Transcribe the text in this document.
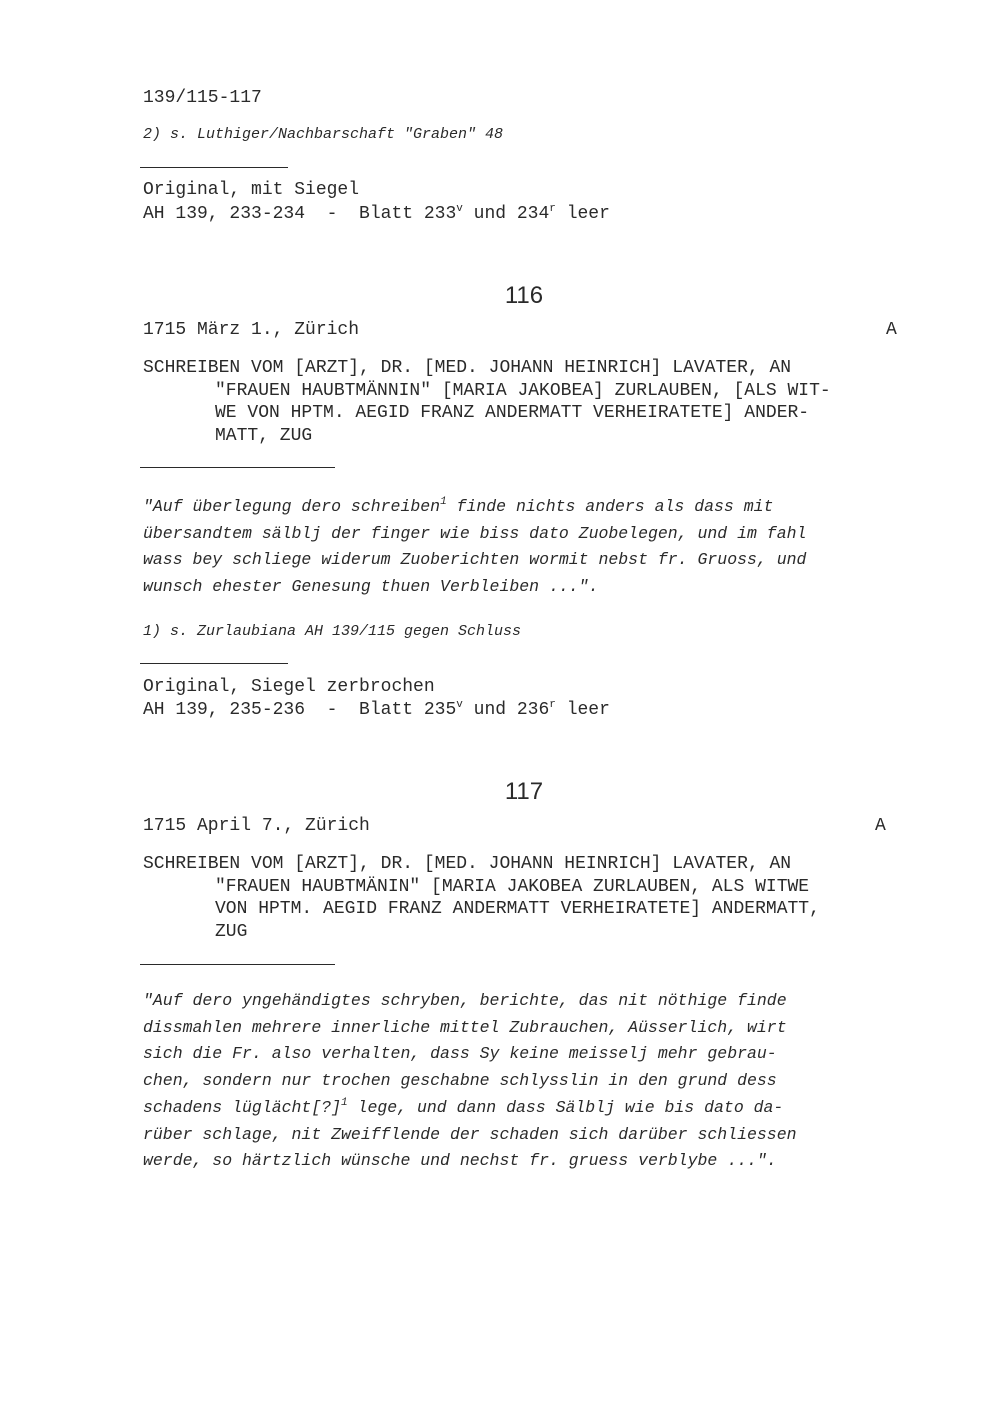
139/115-117
2) s. Luthiger/Nachbarschaft "Graben" 48
Original, mit Siegel
AH 139, 233-234  -  Blatt 233$^v$ und 234$^r$ leer
116
1715 März 1., Zürich	A
SCHREIBEN VOM [ARZT], DR. [MED. JOHANN HEINRICH] LAVATER, AN
"FRAUEN HAUBTMÄNNIN" [MARIA JAKOBEA] ZURLAUBEN, [ALS WIT-
WE VON HPTM. AEGID FRANZ ANDERMATT VERHEIRATETE] ANDER-
MATT, ZUG
"Auf überlegung dero schreiben$^1$ finde nichts anders als dass mit
übersandtem sälblj der finger wie biss dato Zuobelegen, und im fahl
wass bey schliege widerum Zuoberichten wormit nebst fr. Gruoss, und
wunsch ehester Genesung thuen Verbleiben ...".
1) s. Zurlaubiana AH 139/115 gegen Schluss
Original, Siegel zerbrochen
AH 139, 235-236  -  Blatt 235$^v$ und 236$^r$ leer
117
1715 April 7., Zürich	A
SCHREIBEN VOM [ARZT], DR. [MED. JOHANN HEINRICH] LAVATER, AN
"FRAUEN HAUBTMÄNIN" [MARIA JAKOBEA ZURLAUBEN, ALS WITWE
VON HPTM. AEGID FRANZ ANDERMATT VERHEIRATETE] ANDERMATT,
ZUG
"Auf dero yngehändigtes schryben, berichte, das nit nöthige finde
dissmahlen mehrere innerliche mittel Zubrauchen, Aüsserlich, wirt
sich die Fr. also verhalten, dass Sy keine meisselj mehr gebrau-
chen, sondern nur trochen geschabne schlysslin in den grund dess
schadens lüglächt[?]$^1$ lege, und dann dass Sälblj wie bis dato da-
rüber schlage, nit Zweifflende der schaden sich darüber schliessen
werde, so härtzlich wünsche und nechst fr. gruess verblybe ...".
